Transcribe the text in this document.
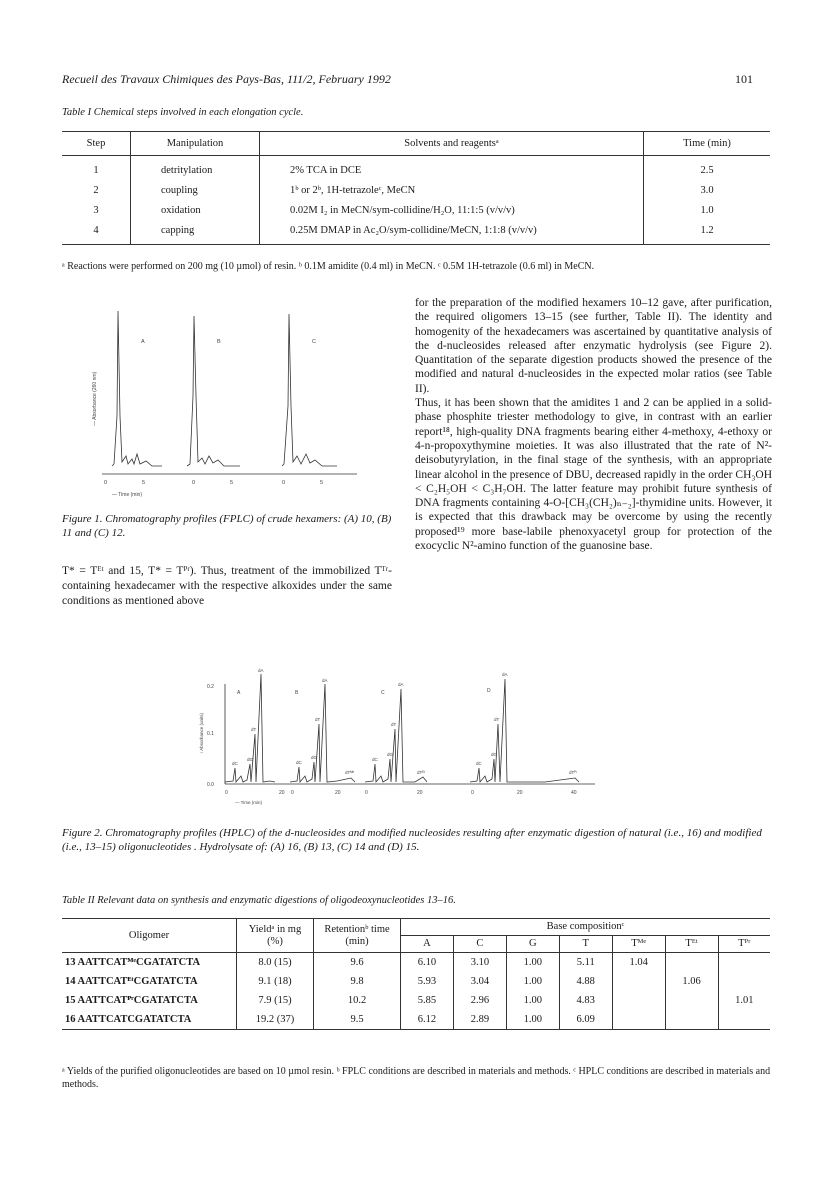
Recueil des Travaux Chimiques des Pays-Bas, 111/2, February 1992	101
Table I Chemical steps involved in each elongation cycle.
Step	Manipulation	Solvents and reagentsᵃ	Time (min)
1	detritylation	2% TCA in DCE	2.5
2	coupling	1ᵇ or 2ᵇ, 1H-tetrazoleᶜ, MeCN	3.0
3	oxidation	0.02M I₂ in MeCN/sym-collidine/H₂O, 11:1:5 (v/v/v)	1.0
4	capping	0.25M DMAP in Ac₂O/sym-collidine/MeCN, 1:1:8 (v/v/v)	1.2
ᵃ Reactions were performed on 200 mg (10 µmol) of resin. ᵇ 0.1M amidite (0.4 ml) in MeCN. ᶜ 0.5M 1H-tetrazole (0.6 ml) in MeCN.
A	B	C
— Absorbance (260 nm)
0	5	0	5	0	5
— Time (min)
Figure 1. Chromatography profiles (FPLC) of crude hexamers: (A) 10, (B) 11 and (C) 12.
T* = Tᴱᵗ and 15, T* = Tᴾʳ). Thus, treatment of the immobilized Tᵀʳ-containing hexadecamer with the respective alkoxides under the same conditions as mentioned above

for the preparation of the modified hexamers 10–12 gave, after purification, the required oligomers 13–15 (see further, Table II). The identity and homogenity of the hexadecamers was ascertained by quantitative analysis of the d-nucleosides released after enzymatic hydrolysis (see Figure 2). Quantitation of the separate digestion products showed the presence of the modified and natural d-nucleosides in the expected molar ratios (see Table II).

Thus, it has been shown that the amidites 1 and 2 can be applied in a solid-phase phosphite triester methodology to give, in contrast with an earlier report¹⁸, high-quality DNA fragments bearing either 4-methoxy, 4-ethoxy or 4-n-propoxythymine moieties. It was also illustrated that the rate of N²-deisobutyrylation, in the final stage of the synthesis, with an appropriate linear alcohol in the presence of DBU, decreased rapidly in the order CH₃OH < C₂H₅OH < C₃H₇OH. The latter feature may prohibit future synthesis of DNA fragments containing 4-O-[CH₃(CH₂)ₙ₋₂]-thymidine units. However, it is expected that this drawback may be overcome by using the recently proposed¹⁹ more base-labile phenoxyacetyl group for protection of the exocyclic N²-amino function of the guanosine base.

0.2
0.1
0.0
↑ Absorbance (units)
A	B	C	D
dA
dT
dC
dG
dA
dT
dC
dG
dTᴹᵉ
dA
dT
dC
dG
dTᴱᵗ
dA
dT
dC
dG
dTᴾʳ
0	20 0	20	0	20	0	20	40
— Time (min)
Figure 2. Chromatography profiles (HPLC) of the d-nucleosides and modified nucleosides resulting after enzymatic digestion of natural (i.e., 16) and modified (i.e., 13–15) oligonucleotides . Hydrolysate of: (A) 16, (B) 13, (C) 14 and (D) 15.
Table II Relevant data on synthesis and enzymatic digestions of oligodeoxynucleotides 13–16.
Oligomer	Yieldᵃ in mg (%)	Retentionᵇ time (min)	Base compositionᶜ						
			A	C	G	T	Tᴹᵉ	Tᴱᵗ	Tᴾʳ
13 AATTCATᴹᵉCGATATCTA	8.0 (15)	9.6	6.10	3.10	1.00	5.11	1.04		
14 AATTCATᴱᵗCGATATCTA	9.1 (18)	9.8	5.93	3.04	1.00	4.88		1.06	
15 AATTCATᴾʳCGATATCTA	7.9 (15)	10.2	5.85	2.96	1.00	4.83			1.01
16 AATTCATCGATATCTA	19.2 (37)	9.5	6.12	2.89	1.00	6.09			
ᵃ Yields of the purified oligonucleotides are based on 10 µmol resin. ᵇ FPLC conditions are described in materials and methods. ᶜ HPLC conditions are described in materials and methods.
